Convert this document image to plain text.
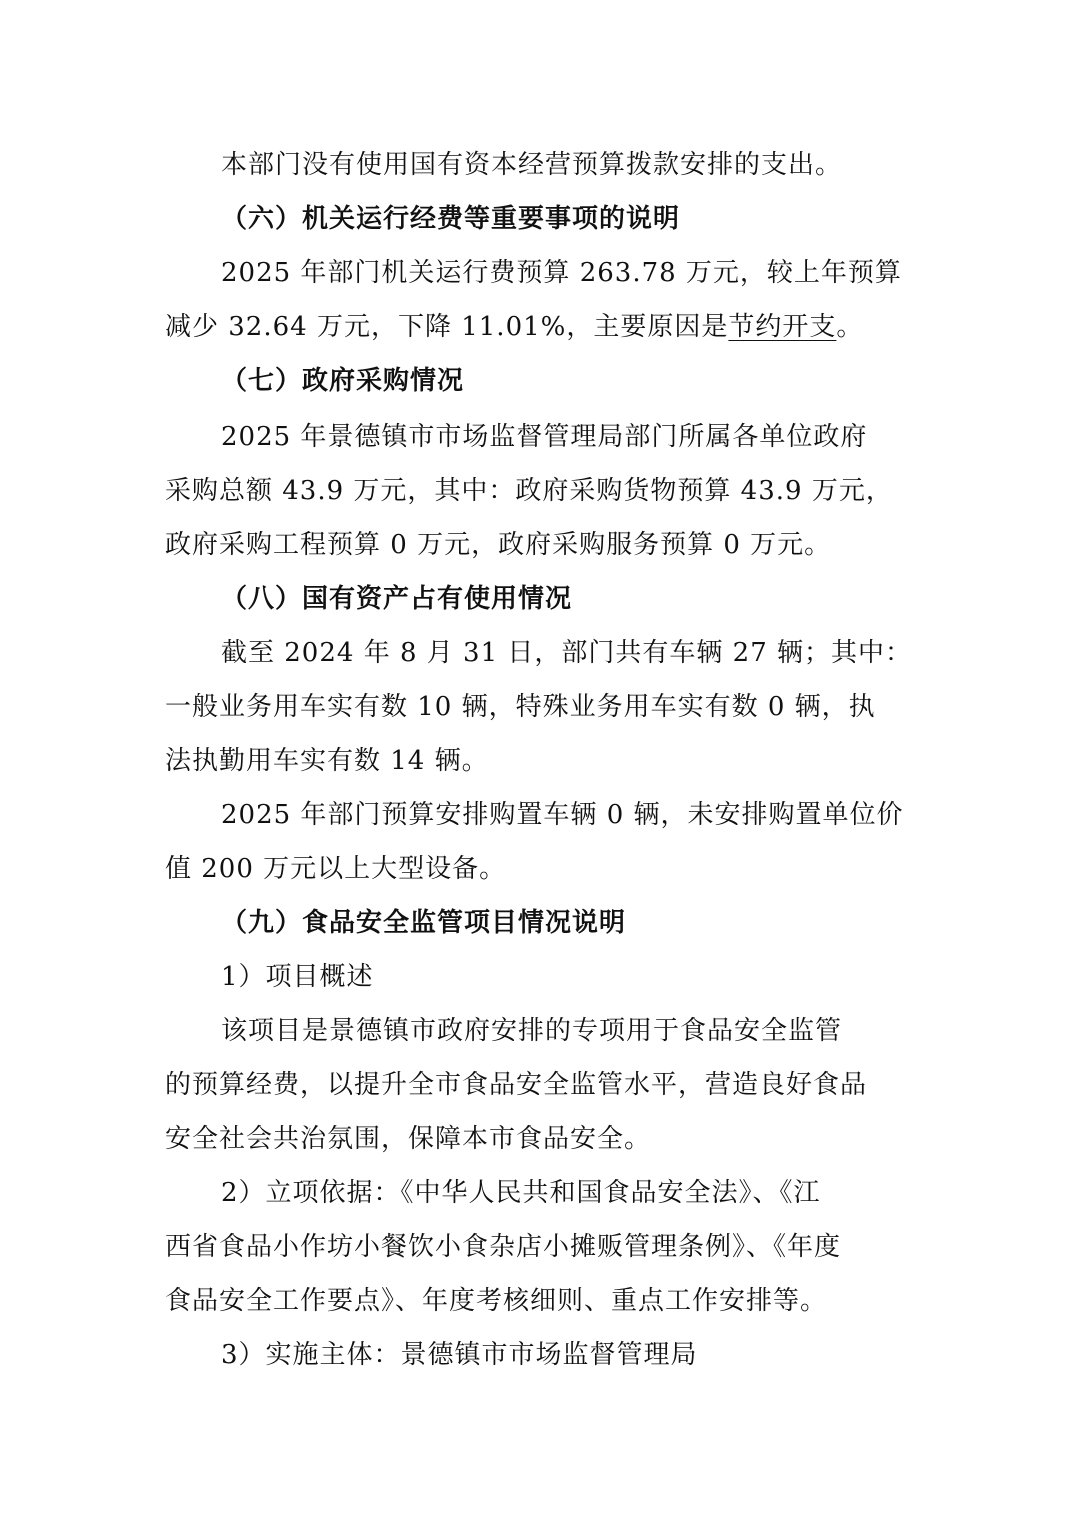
本部门没有使用国有资本经营预算拨款安排的支出。
（六）机关运行经费等重要事项的说明
2025 年部门机关运行费预算 263.78 万元，较上年预算
减少 32.64 万元，下降 11.01%，主要原因是节约开支。
（七）政府采购情况
2025 年景德镇市市场监督管理局部门所属各单位政府
采购总额 43.9 万元，其中：政府采购货物预算 43.9 万元，
政府采购工程预算 0 万元，政府采购服务预算 0 万元。
（八）国有资产占有使用情况
截至 2024 年 8 月 31 日，部门共有车辆 27 辆；其中：
一般业务用车实有数 10 辆，特殊业务用车实有数 0 辆，执
法执勤用车实有数 14 辆。
2025 年部门预算安排购置车辆 0 辆，未安排购置单位价
值 200 万元以上大型设备。
（九）食品安全监管项目情况说明
1）项目概述
该项目是景德镇市政府安排的专项用于食品安全监管
的预算经费，以提升全市食品安全监管水平，营造良好食品
安全社会共治氛围，保障本市食品安全。
2）立项依据：《中华人民共和国食品安全法》、《江
西省食品小作坊小餐饮小食杂店小摊贩管理条例》、《年度
食品安全工作要点》、年度考核细则、重点工作安排等。
3）实施主体：景德镇市市场监督管理局
